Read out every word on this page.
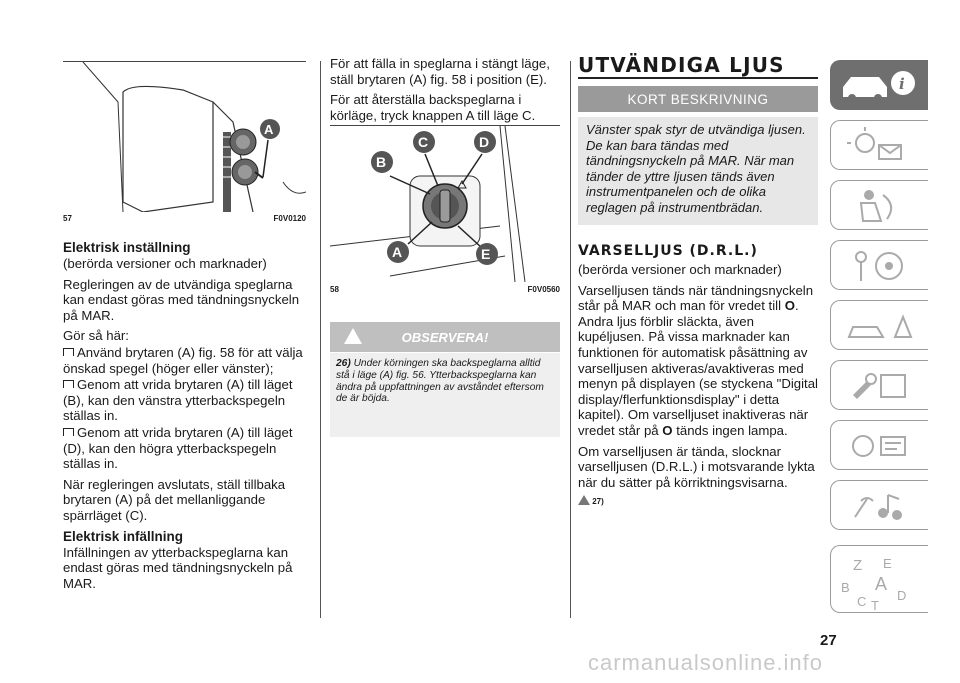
A
57	F0V0120
Elektrisk inställning

(berörda versioner och marknader)

Regleringen av de utvändiga speglarna kan endast göras med tändningsnyckeln på MAR.

Gör så här:

Använd brytaren (A) fig. 58 för att välja önskad spegel (höger eller vänster);

Genom att vrida brytaren (A) till läget (B), kan den vänstra ytterbackspegeln ställas in.

Genom att vrida brytaren (A) till läget (D), kan den högra ytterbackspegeln ställas in.

När regleringen avslutats, ställ tillbaka brytaren (A) på det mellanliggande spärrläget (C).

Elektrisk infällning

Infällningen av ytterbackspeglarna kan endast göras med tändningsnyckeln på MAR.

För att fälla in speglarna i stängt läge, ställ brytaren (A) fig. 58 i position (E).

För att återställa backspeglarna i körläge, tryck knappen A till läge C.

B
C	D
A	E
58	F0V0560
OBSERVERA!
26) Under körningen ska backspeglarna alltid stå i läge (A) fig. 56. Ytterbackspeglarna kan ändra på uppfattningen av avståndet eftersom de är böjda.
UTVÄNDIGA LJUS
KORT BESKRIVNING
Vänster spak styr de utvändiga ljusen. De kan bara tändas med tändningsnyckeln på MAR. När man tänder de yttre ljusen tänds även instrumentpanelen och de olika reglagen på instrumentbrädan.
VARSELLJUS (D.R.L.)

(berörda versioner och marknader)

Varselljusen tänds när tändningsnyckeln står på MAR och man för vredet till O. Andra ljus förblir släckta, även kupéljusen. På vissa marknader kan funktionen för automatisk påsättning av varselljusen aktiveras/avaktiveras med menyn på displayen (se styckena "Digital display/flerfunktionsdisplay" i detta kapitel). Om varselljuset inaktiveras när vredet står på O tänds ingen lampa.

Om varselljusen är tända, slocknar varselljusen (D.R.L.) i motsvarande lykta när du sätter på körriktningsvisarna.

27)
i
Z E
B A
C T
D
27
carmanualsonline.info
